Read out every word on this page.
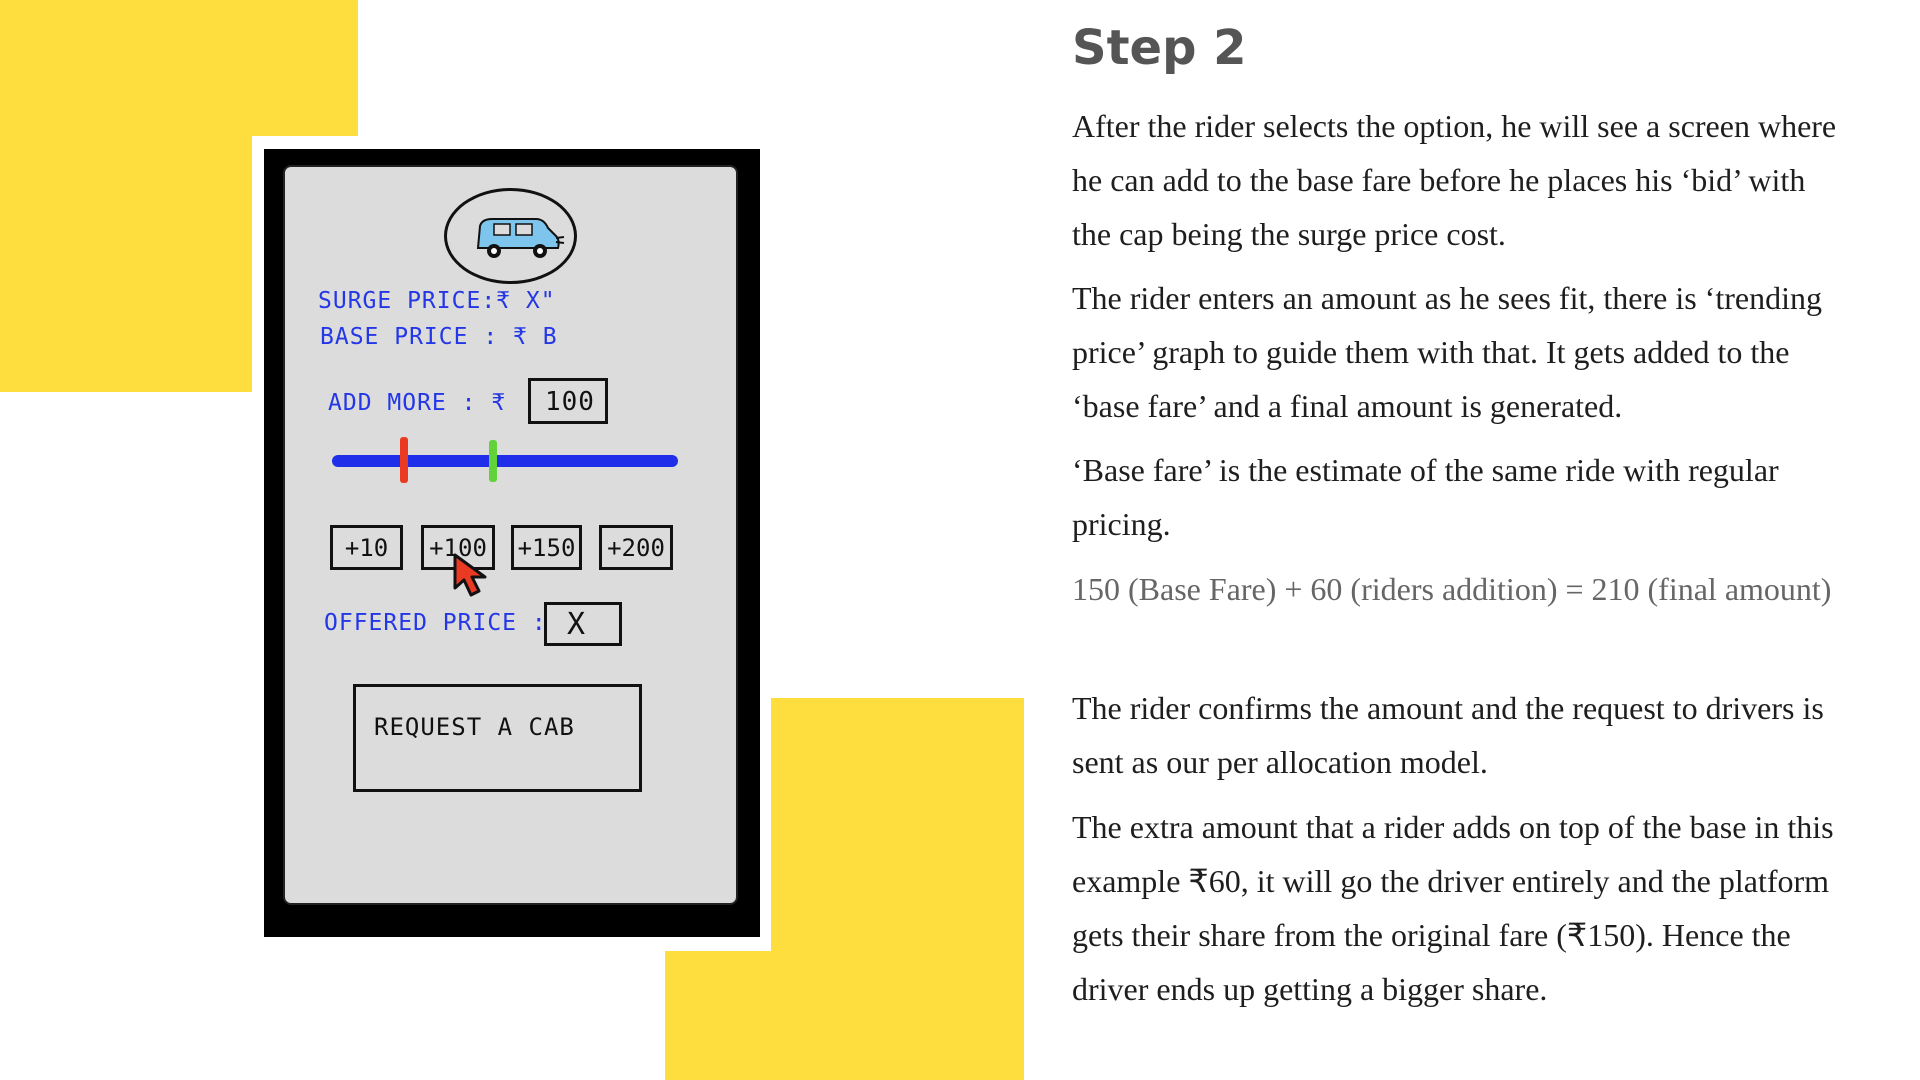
SURGE PRICE:₹ X"
BASE PRICE : ₹ B
ADD MORE : ₹ 100
+10	+100	+150	+200
OFFERED PRICE : X
REQUEST A CAB
Step 2

After the rider selects the option, he will see a screen where he can add to the base fare before he places his ‘bid’ with the cap being the surge price cost.

The rider enters an amount as he sees fit, there is ‘trending price’ graph to guide them with that. It gets added to the ‘base fare’ and a final amount is generated.

‘Base fare’ is the estimate of the same ride with regular pricing.

150 (Base Fare) + 60 (riders addition) = 210 (final amount)

The rider confirms the amount and the request to drivers is sent as our per allocation model.

The extra amount that a rider adds on top of the base in this example ₹60, it will go the driver entirely and the platform gets their share from the original fare (₹150). Hence the driver ends up getting a bigger share.
